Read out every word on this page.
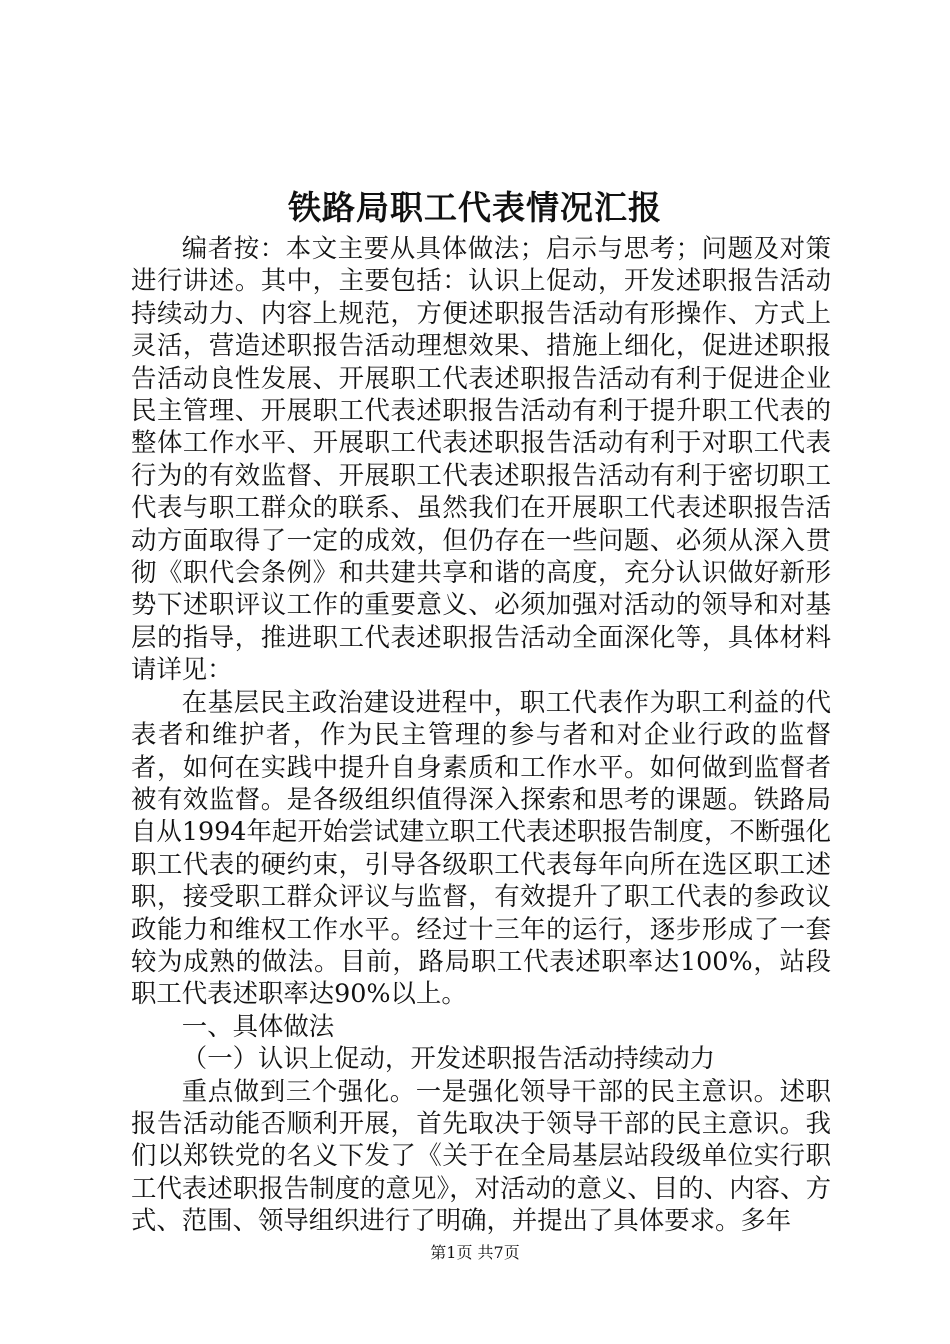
铁路局职工代表情况汇报

编者按：本文主要从具体做法；启示与思考；问题及对策进行讲述。其中，主要包括：认识上促动，开发述职报告活动持续动力、内容上规范，方便述职报告活动有形操作、方式上灵活，营造述职报告活动理想效果、措施上细化，促进述职报告活动良性发展、开展职工代表述职报告活动有利于促进企业民主管理、开展职工代表述职报告活动有利于提升职工代表的整体工作水平、开展职工代表述职报告活动有利于对职工代表行为的有效监督、开展职工代表述职报告活动有利于密切职工代表与职工群众的联系、虽然我们在开展职工代表述职报告活动方面取得了一定的成效，但仍存在一些问题、必须从深入贯彻《职代会条例》和共建共享和谐的高度，充分认识做好新形势下述职评议工作的重要意义、必须加强对活动的领导和对基层的指导，推进职工代表述职报告活动全面深化等，具体材料请详见：

在基层民主政治建设进程中，职工代表作为职工利益的代表者和维护者，作为民主管理的参与者和对企业行政的监督者，如何在实践中提升自身素质和工作水平。如何做到监督者被有效监督。是各级组织值得深入探索和思考的课题。铁路局自从1994年起开始尝试建立职工代表述职报告制度，不断强化职工代表的硬约束，引导各级职工代表每年向所在选区职工述职，接受职工群众评议与监督，有效提升了职工代表的参政议政能力和维权工作水平。经过十三年的运行，逐步形成了一套较为成熟的做法。目前，路局职工代表述职率达100%，站段职工代表述职率达90%以上。

一、具体做法

（一）认识上促动，开发述职报告活动持续动力

重点做到三个强化。一是强化领导干部的民主意识。述职报告活动能否顺利开展，首先取决于领导干部的民主意识。我们以郑铁党的名义下发了《关于在全局基层站段级单位实行职工代表述职报告制度的意见》，对活动的意义、目的、内容、方式、范围、领导组织进行了明确，并提出了具体要求。多年

第1页 共7页
